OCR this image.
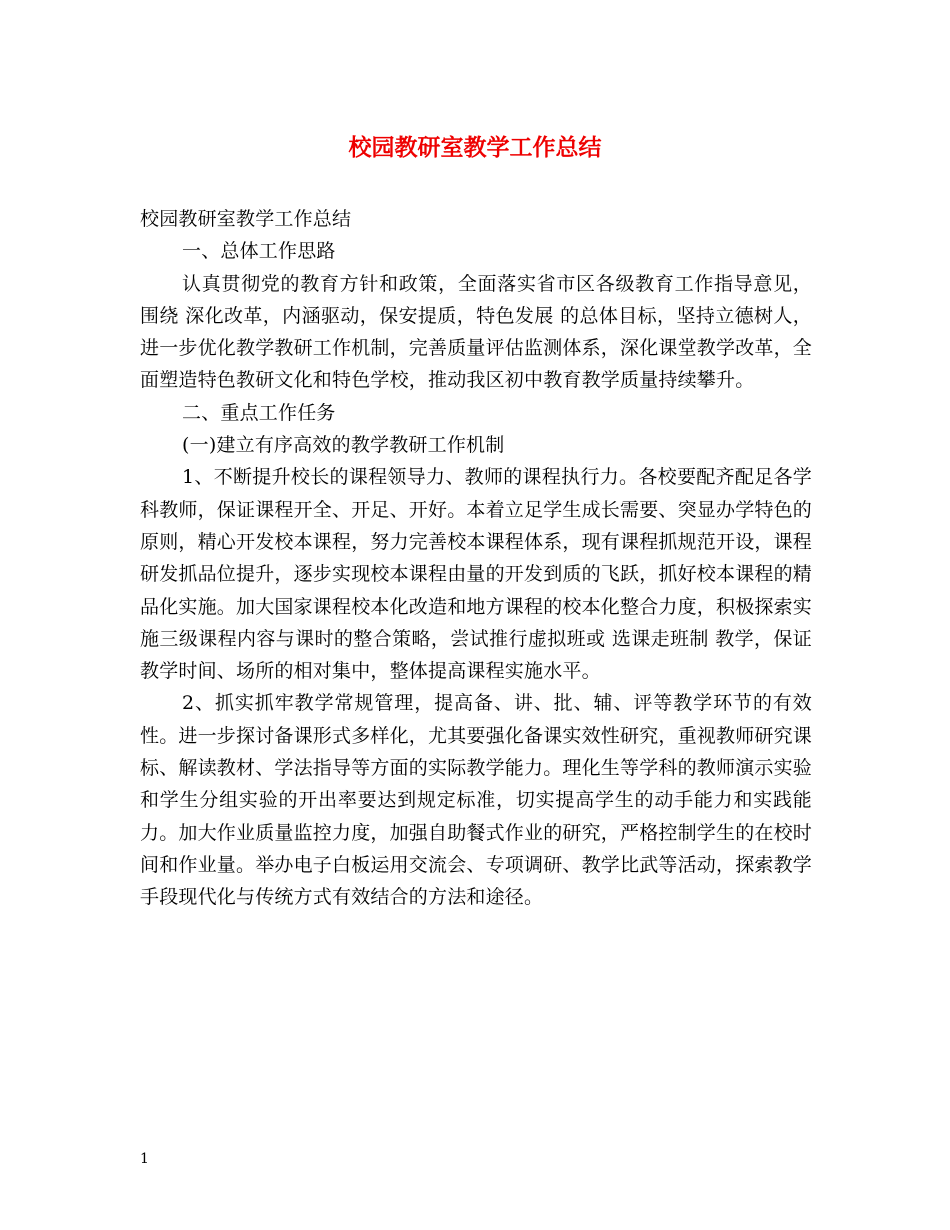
校园教研室教学工作总结

校园教研室教学工作总结

一、总体工作思路

认真贯彻党的教育方针和政策，全面落实省市区各级教育工作指导意见，围绕 深化改革，内涵驱动，保安提质，特色发展 的总体目标，坚持立德树人，进一步优化教学教研工作机制，完善质量评估监测体系，深化课堂教学改革，全面塑造特色教研文化和特色学校，推动我区初中教育教学质量持续攀升。

二、重点工作任务

(一)建立有序高效的教学教研工作机制

1、不断提升校长的课程领导力、教师的课程执行力。各校要配齐配足各学科教师，保证课程开全、开足、开好。本着立足学生成长需要、突显办学特色的原则，精心开发校本课程，努力完善校本课程体系，现有课程抓规范开设，课程研发抓品位提升，逐步实现校本课程由量的开发到质的飞跃，抓好校本课程的精品化实施。加大国家课程校本化改造和地方课程的校本化整合力度，积极探索实施三级课程内容与课时的整合策略，尝试推行虚拟班或 选课走班制 教学，保证教学时间、场所的相对集中，整体提高课程实施水平。

2、抓实抓牢教学常规管理，提高备、讲、批、辅、评等教学环节的有效性。进一步探讨备课形式多样化，尤其要强化备课实效性研究，重视教师研究课标、解读教材、学法指导等方面的实际教学能力。理化生等学科的教师演示实验和学生分组实验的开出率要达到规定标准，切实提高学生的动手能力和实践能力。加大作业质量监控力度，加强自助餐式作业的研究，严格控制学生的在校时间和作业量。举办电子白板运用交流会、专项调研、教学比武等活动，探索教学手段现代化与传统方式有效结合的方法和途径。

1
